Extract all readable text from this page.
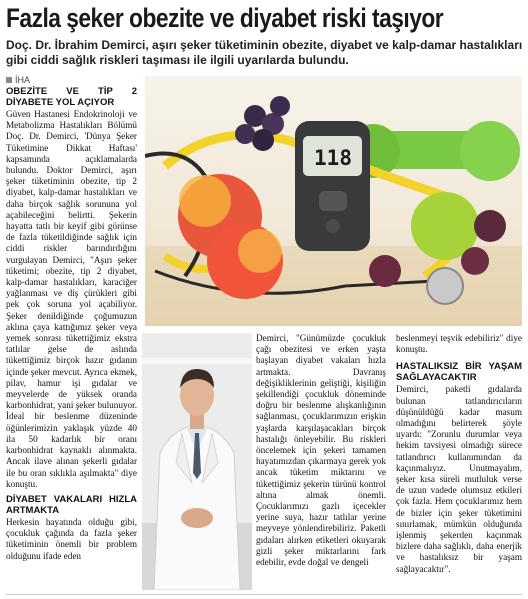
Fazla şeker obezite ve diyabet riski taşıyor
Doç. Dr. İbrahim Demirci, aşırı şeker tüketiminin obezite, diyabet ve kalp-damar hastalıkları gibi ciddi sağlık riskleri taşıması ile ilgili uyarılarda bulundu.
İHA
OBEZİTE VE TİP 2 DİYABETE YOL AÇIYOR

Güven Hastanesi Endokrinoloji ve Metabolizma Hastalıkları Bölümü Doç. Dr. Demirci, 'Dünya Şeker Tüketimine Dikkat Haftası' kapsamında açıklamalarda bulundu. Doktor Demirci, aşırı şeker tüketiminin obezite, tip 2 diyabet, kalp-damar hastalıkları ve daha birçok sağlık sorununa yol açabileceğini belirtti. Şekerin hayatta tatlı bir keyif gibi görünse de fazla tüketildiğinde sağlık için ciddi riskler barındırdığını vurgulayan Demirci, "Aşırı şeker tüketimi; obezite, tip 2 diyabet, kalp-damar hastalıkları, karaciğer yağlanması ve diş çürükleri gibi pek çok soruna yol açabiliyor. Şeker denildiğinde çoğumuzun aklına çaya kattığımız şeker veya yemek sonrası tükettiğimiz ekstra tatlılar gelse de aslında tükettiğimiz birçok hazır gıdanın içinde şeker mevcut. Ayrıca ekmek, pilav, hamur işi gıdalar ve meyvelerde de yüksek oranda karbonhidrat, yani şeker bulunuyor. İdeal bir beslenme düzeninde öğünlerimizin yaklaşık yüzde 40 ila 50 kadarlık bir oranı karbonhidrat kaynaklı alınmakta. Ancak ilave alınan şekerli gıdalar ile bu oran sıklıkla aşılmakta" diye konuştu.

DİYABET VAKALARI HIZLA ARTMAKTA

Herkesin hayatında olduğu gibi, çocukluk çağında da fazla şeker tüketiminin önemli bir problem olduğunu ifade eden

118

Demirci, "Günümüzde çocukluk çağı obezitesi ve erken yaşta başlayan diyabet vakaları hızla artmakta. Davranış değişikliklerinin geliştiği, kişiliğin şekillendiği çocukluk döneminde doğru bir beslenme alışkanlığının sağlanması, çocuklarımızın erişkin yaşlarda karşılaşacakları birçok hastalığı önleyebilir. Bu riskleri öncelemek için şekeri tamamen hayatımızdan çıkarmaya gerek yok ancak tüketim miktarını ve tükettiğimiz şekerin türünü kontrol altına almak önemli. Çocuklarımızı gazlı içecekler yerine suya, hazır tatlılar yerine meyveye yönlendirebiliriz. Paketli gıdaları alırken etiketleri okuyarak gizli şeker miktarlarını fark edebilir, evde doğal ve dengeli

beslenmeyi teşvik edebiliriz" diye konuştu.

HASTALIKSIZ BİR YAŞAM SAĞLAYACAKTIR

Demirci, paketli gıdalarda bulunan tatlandırıcıların düşünüldüğü kadar masum olmadığını belirterek şöyle uyardı: "Zorunlu durumlar veya hekim tavsiyesi olmadığı sürece tatlandırıcı kullanımından da kaçınmalıyız. Unutmayalım, şeker kısa süreli mutluluk verse de uzun vadede olumsuz etkileri çok fazla. Hem çocuklarımız hem de bizler için şeker tüketimini sınırlamak, mümkün olduğunda işlenmiş şekerden kaçınmak bizlere daha sağlıklı, daha enerjik ve hastalıksız bir yaşam sağlayacaktır".
